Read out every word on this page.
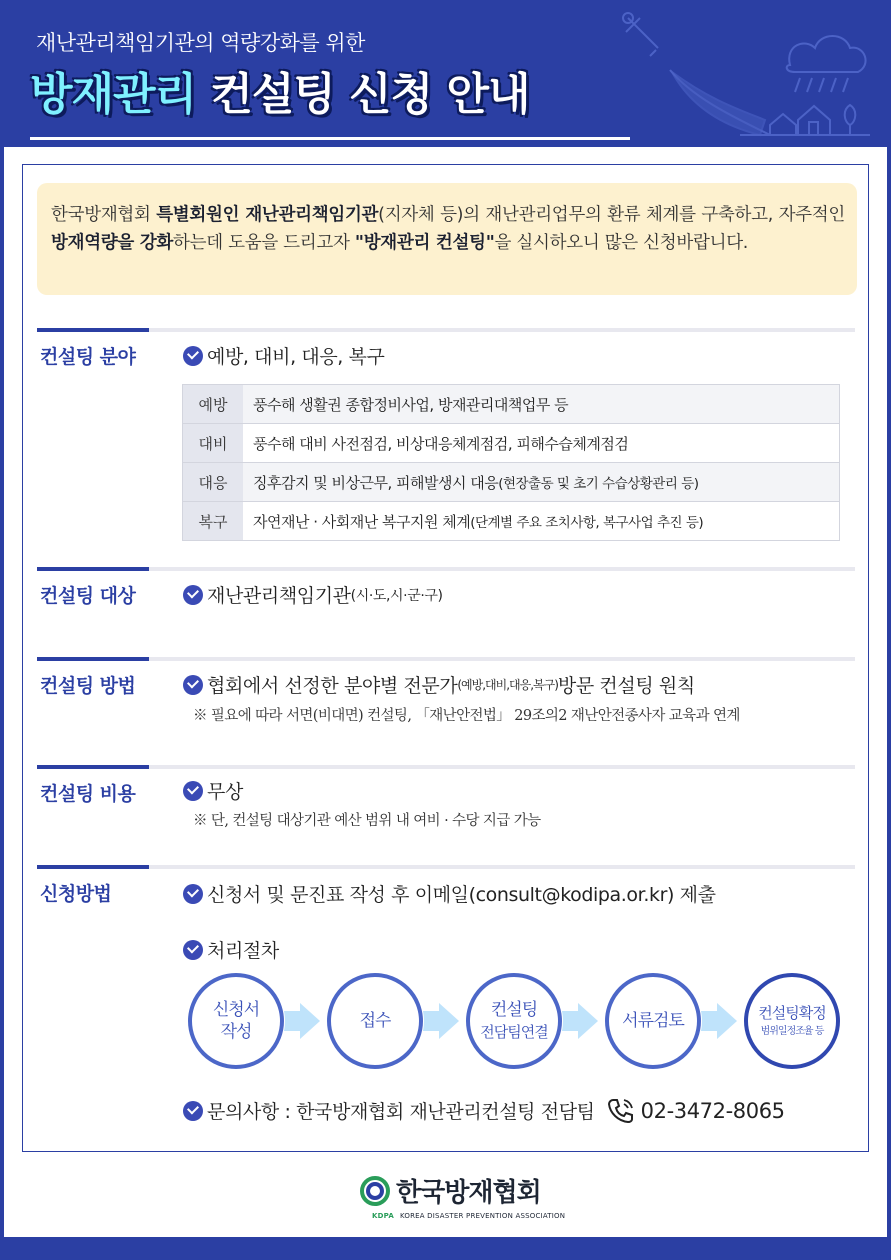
재난관리책임기관의 역량강화를 위한
방재관리 컨설팅 신청 안내
한국방재협회 특별회원인 재난관리책임기관(지자체 등)의 재난관리업무의 환류 체계를 구축하고, 자주적인 방재역량을 강화하는데 도움을 드리고자 "방재관리 컨설팅"을 실시하오니 많은 신청바랍니다.
컨설팅 분야	예방, 대비, 대응, 복구
예방	풍수해 생활권 종합정비사업, 방재관리대책업무 등
대비	풍수해 대비 사전점검, 비상대응체계점검, 피해수습체계점검
대응	징후감지 및 비상근무, 피해발생시 대응 (현장출동 및 초기 수습상황관리 등)
복구	자연재난 · 사회재난 복구지원 체계 (단계별 주요 조치사항, 복구사업 추진 등)
컨설팅 대상	재난관리책임기관 (시·도,시·군·구)
컨설팅 방법	협회에서 선정한 분야별 전문가 (예방,대비,대응,복구) 방문 컨설팅 원칙
※ 필요에 따라 서면(비대면) 컨설팅, 「재난안전법」 29조의2 재난안전종사자 교육과 연계
컨설팅 비용	무상
※ 단, 컨설팅 대상기관 예산 범위 내 여비 · 수당 지급 가능
신청방법	신청서 및 문진표 작성 후 이메일(consult@kodipa.or.kr) 제출
처리절차
문의사항 : 한국방재협회 재난관리컨설팅 전담팀 02-3472-8065
신청서
작성
접수
컨설팅
전담팀연결
서류검토	컨설팅확정
범위일정조율 등
한국방재협회
KDPA KOREA DISASTER PREVENTION ASSOCIATION
